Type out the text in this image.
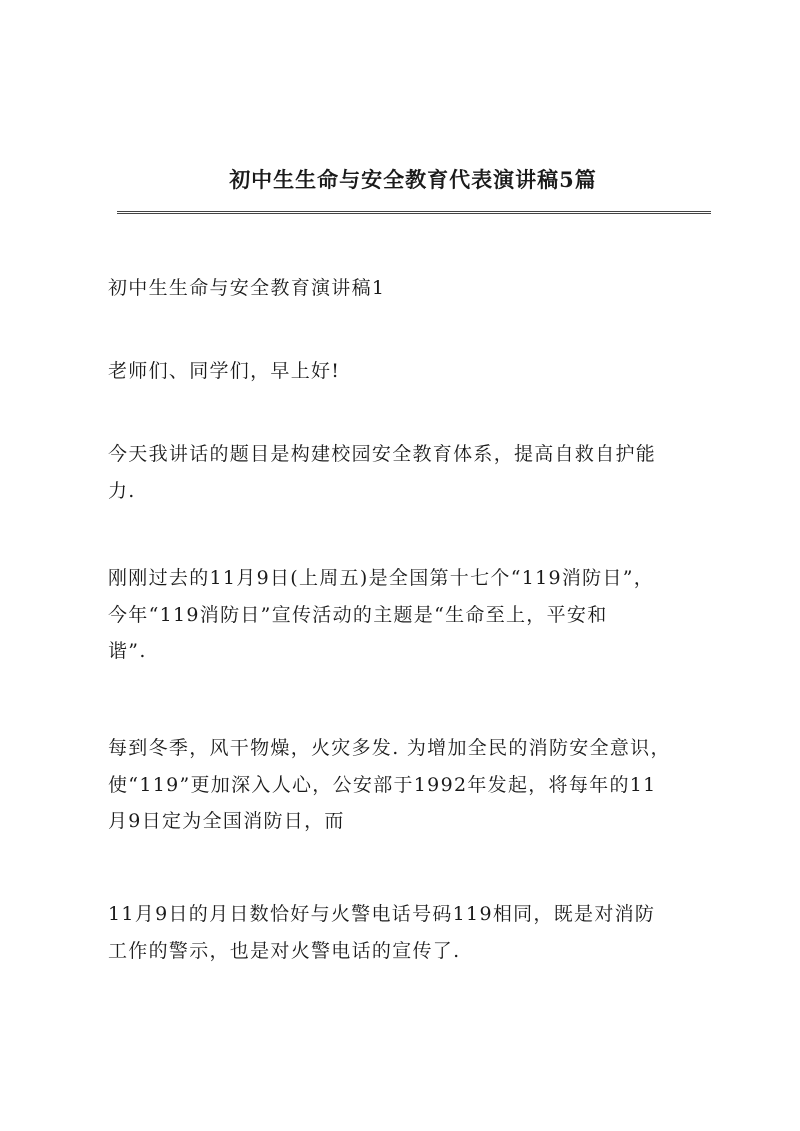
初中生生命与安全教育代表演讲稿5篇

初中生生命与安全教育演讲稿1

老师们、同学们，早上好!

今天我讲话的题目是构建校园安全教育体系，提高自救自护能
力.

刚刚过去的11月9日(上周五)是全国第十七个“119消防日”，
今年“119消防日”宣传活动的主题是“生命至上，平安和
谐”.

每到冬季，风干物燥，火灾多发. 为增加全民的消防安全意识，
使“119”更加深入人心，公安部于1992年发起，将每年的11
月9日定为全国消防日，而

11月9日的月日数恰好与火警电话号码119相同，既是对消防
工作的警示，也是对火警电话的宣传了.
